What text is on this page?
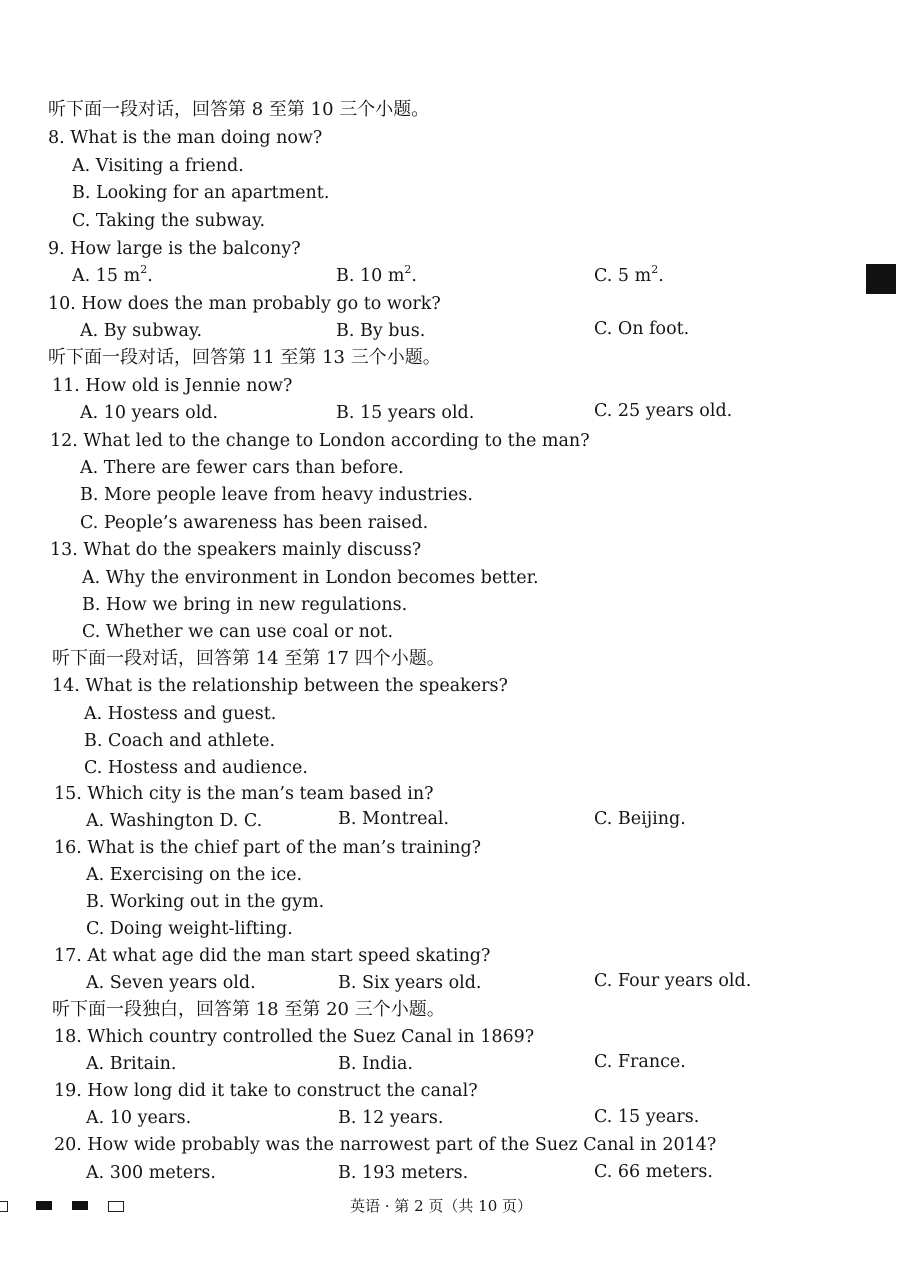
听下面一段对话，回答第 8 至第 10 三个小题。
8. What is the man doing now?
A. Visiting a friend.
B. Looking for an apartment.
C. Taking the subway.
9. How large is the balcony?
A. 15 $m^2$.	B. 10 $m^2$.	C. 5 $m^2$.
10. How does the man probably go to work?
A. By subway.	B. By bus.	C. On foot.
听下面一段对话，回答第 11 至第 13 三个小题。
11. How old is Jennie now?
A. 10 years old.	B. 15 years old.	C. 25 years old.
12. What led to the change to London according to the man?
A. There are fewer cars than before.
B. More people leave from heavy industries.
C. People’s awareness has been raised.
13. What do the speakers mainly discuss?
A. Why the environment in London becomes better.
B. How we bring in new regulations.
C. Whether we can use coal or not.
听下面一段对话，回答第 14 至第 17 四个小题。
14. What is the relationship between the speakers?
A. Hostess and guest.
B. Coach and athlete.
C. Hostess and audience.
15. Which city is the man’s team based in?
A. Washington D. C.	B. Montreal.	C. Beijing.
16. What is the chief part of the man’s training?
A. Exercising on the ice.
B. Working out in the gym.
C. Doing weight-lifting.
17. At what age did the man start speed skating?
A. Seven years old.	B. Six years old.	C. Four years old.
听下面一段独白，回答第 18 至第 20 三个小题。
18. Which country controlled the Suez Canal in 1869?
A. Britain.	B. India.	C. France.
19. How long did it take to construct the canal?
A. 10 years.	B. 12 years.	C. 15 years.
20. How wide probably was the narrowest part of the Suez Canal in 2014?
A. 300 meters.	B. 193 meters.	C. 66 meters.
英语 · 第 2 页（共 10 页）
